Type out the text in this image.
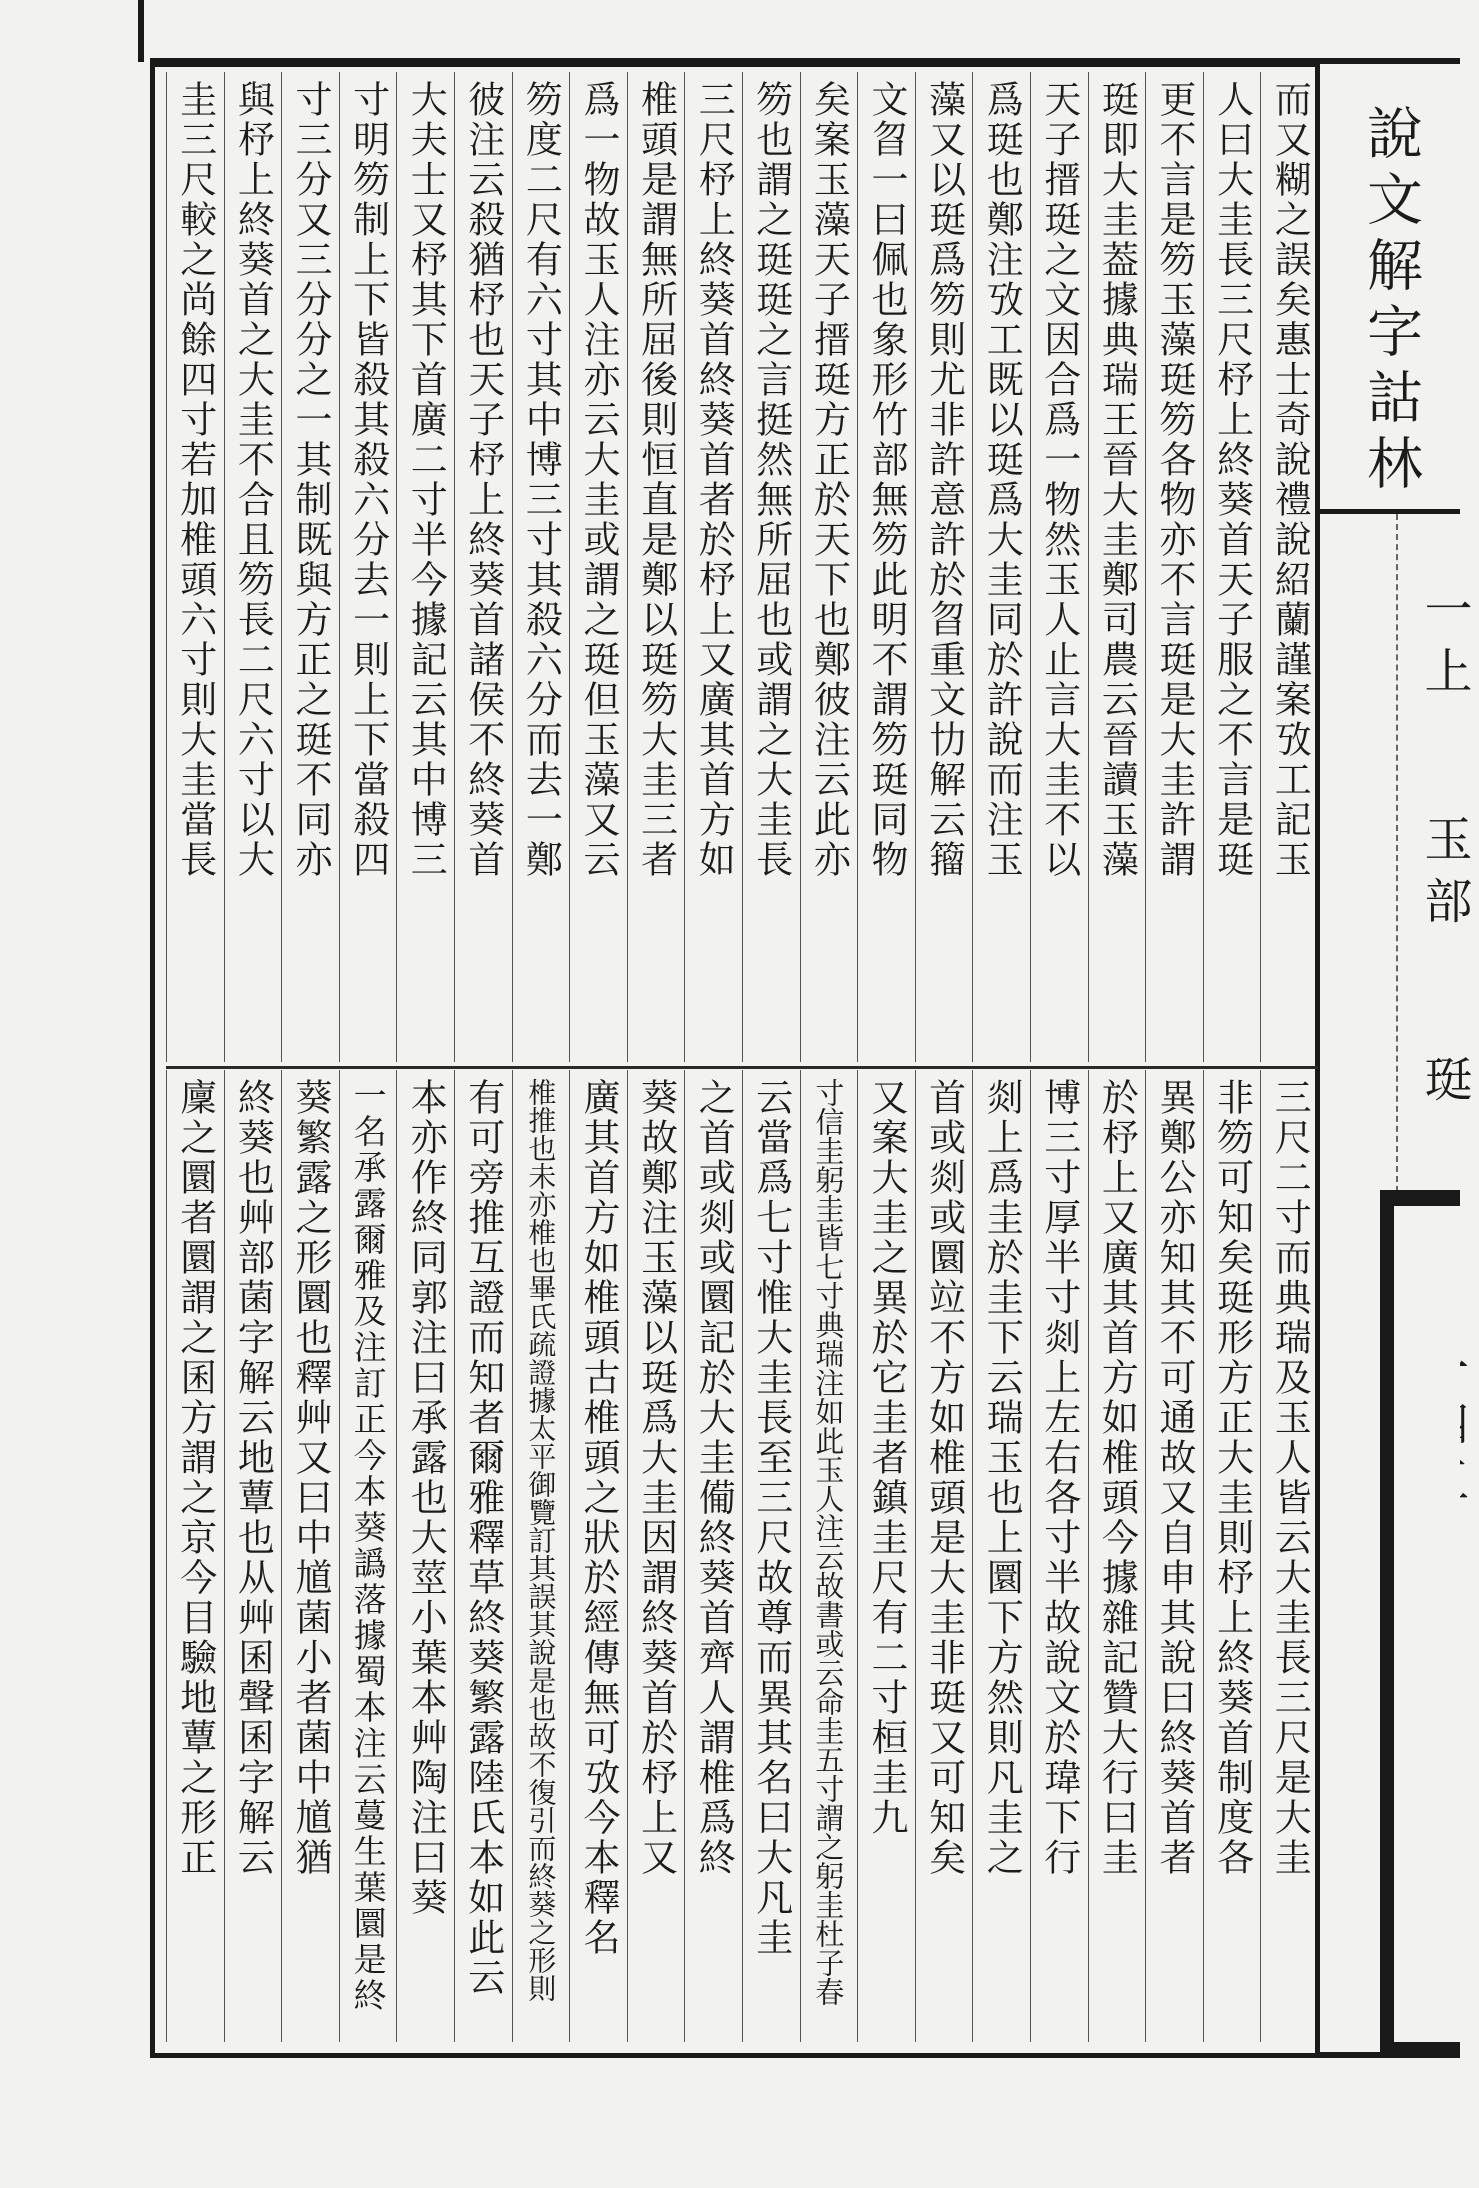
說文解字詁林
一上
玉部
珽
而又糊之誤矣惠士奇說禮說紹蘭謹案攷工記玉
人曰大圭長三尺杼上終葵首天子服之不言是珽
更不言是笏玉藻珽笏各物亦不言珽是大圭許謂
珽即大圭葢據典瑞王晉大圭鄭司農云晉讀玉藻
天子搢珽之文因合爲一物然玉人止言大圭不以
爲珽也鄭注攷工既以珽爲大圭同於許說而注玉
藻又以珽爲笏則尤非許意許於㫚重文㔹解云籀
文㫚一曰佩也象形竹部無笏此明不謂笏珽同物
矣案玉藻天子搢珽方正於天下也鄭彼注云此亦
笏也謂之珽珽之言挺然無所屈也或謂之大圭長
三尺杼上終葵首終葵首者於杼上又廣其首方如
椎頭是謂無所屈後則恒直是鄭以珽笏大圭三者
爲一物故玉人注亦云大圭或謂之珽但玉藻又云
笏度二尺有六寸其中博三寸其殺六分而去一鄭
彼注云殺猶杼也天子杼上終葵首諸侯不終葵首
大夫士又杼其下首廣二寸半今據記云其中博三
寸明笏制上下皆殺其殺六分去一則上下當殺四
寸三分又三分分之一其制既與方正之珽不同亦
與杼上終葵首之大圭不合且笏長二尺六寸以大
圭三尺較之尚餘四寸若加椎頭六寸則大圭當長
三尺二寸而典瑞及玉人皆云大圭長三尺是大圭
非笏可知矣珽形方正大圭則杼上終葵首制度各
異鄭公亦知其不可通故又自申其說曰終葵首者
於杼上又廣其首方如椎頭今據雜記贊大行曰圭
博三寸厚半寸剡上左右各寸半故說文於瑋下行
剡上爲圭於圭下云瑞玉也上圜下方然則凡圭之
首或剡或圜竝不方如椎頭是大圭非珽又可知矣
又案大圭之異於它圭者鎮圭尺有二寸桓圭九
寸信圭躬圭皆七寸典瑞注如此玉人注云故書或云命圭五寸謂之躬圭杜子春
云當爲七寸惟大圭長至三尺故尊而異其名曰大凡圭
之首或剡或圜記於大圭僃終葵首齊人謂椎爲終
葵故鄭注玉藻以珽爲大圭因謂終葵首於杼上又
廣其首方如椎頭古椎頭之狀於經傳無可攷今本釋名
椎推也未亦椎也畢氏疏證據太平御覽訂其誤其說是也故不復引而終葵之形則
有可旁推互證而知者爾雅釋草終葵繁露陸氏本如此云
本亦作終同郭注曰承露也大莖小葉本艸陶注曰葵
一名承露爾雅及注訂正今本葵譌落據蜀本注云蔓生葉圜是終
葵繁露之形圜也釋艸又曰中馗菌小者菌中馗猶
終葵也艸部菌字解云地蕈也从艸囷聲囷字解云
廩之圜者圜謂之囷方謂之京今目驗地蕈之形正
